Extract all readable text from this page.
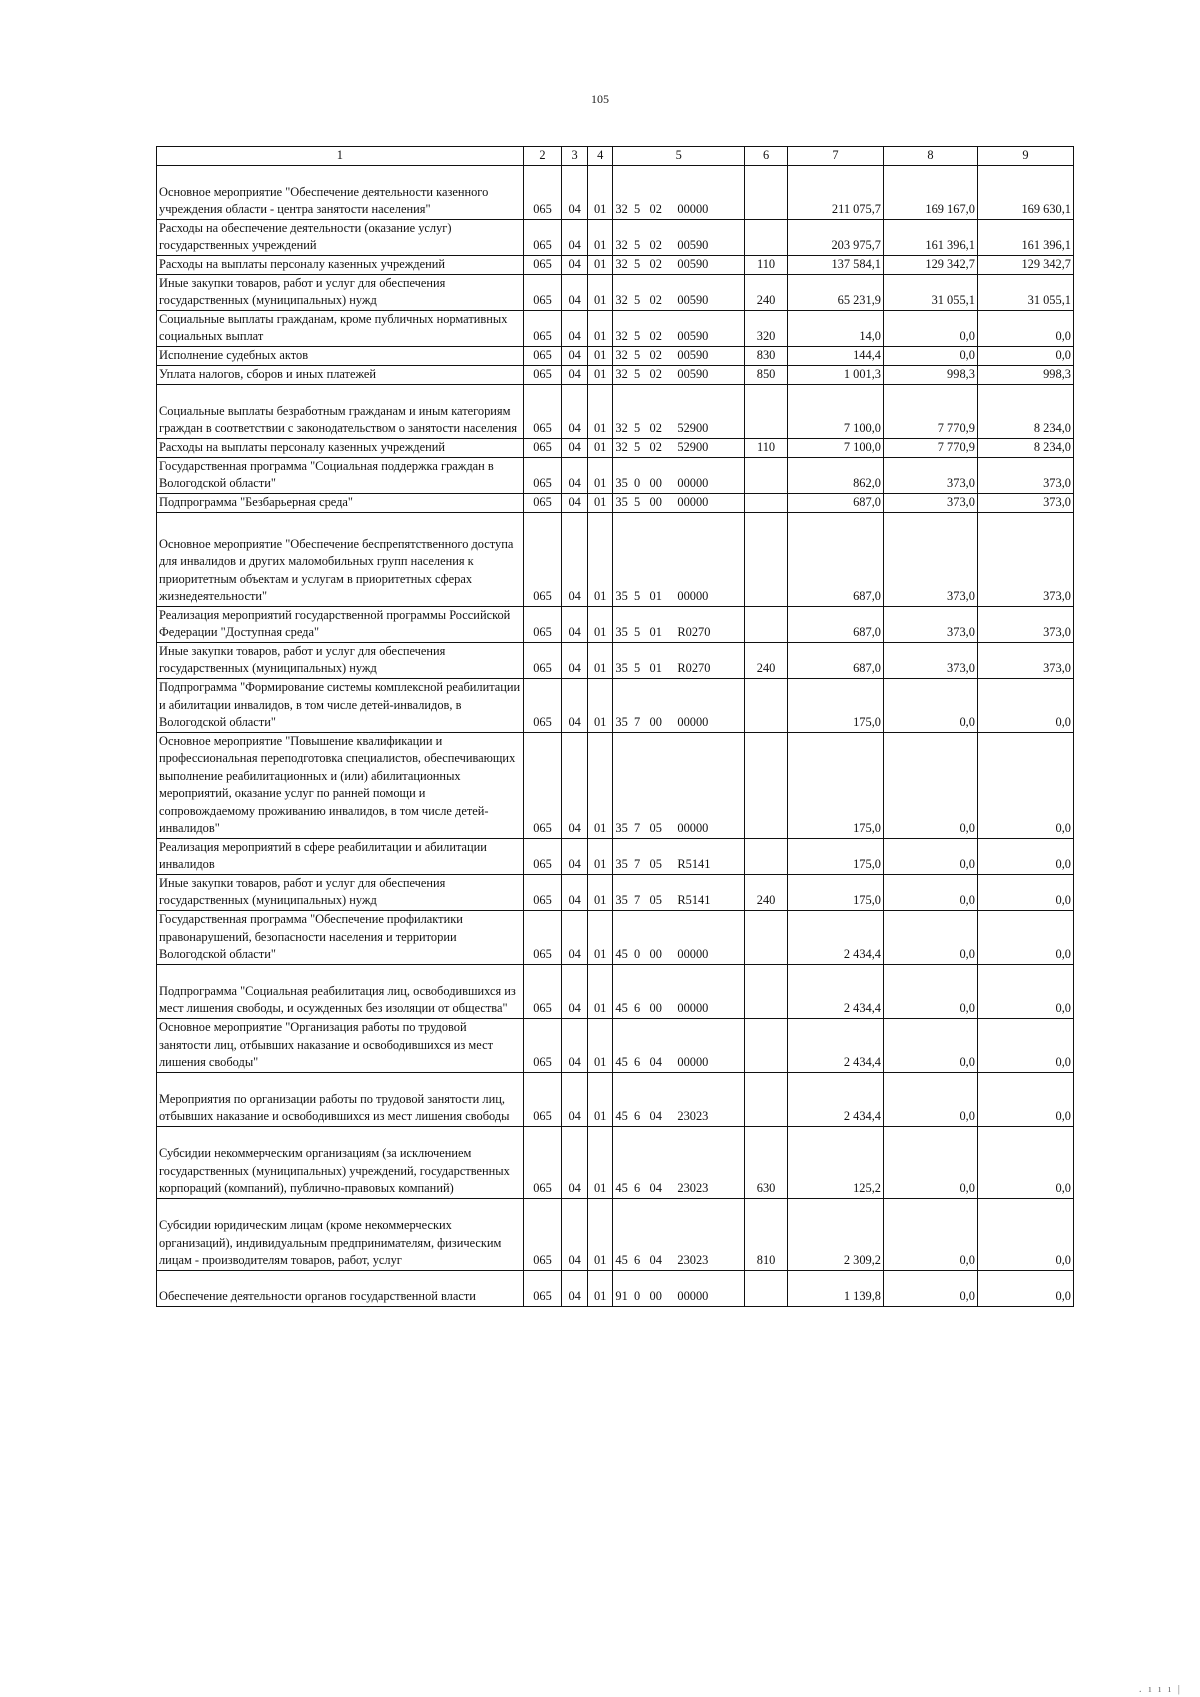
105
1	2	3	4	5	6	7	8	9
Основное мероприятие "Обеспечение деятельности казенного учреждения области - центра занятости населения"	065	04	01	32  5   02     00000		211 075,7	169 167,0	169 630,1
Расходы на обеспечение деятельности (оказание услуг) государственных учреждений	065	04	01	32  5   02     00590		203 975,7	161 396,1	161 396,1
Расходы на выплаты персоналу казенных учреждений	065	04	01	32  5   02     00590	110	137 584,1	129 342,7	129 342,7
Иные закупки товаров, работ и услуг для обеспечения государственных (муниципальных) нужд	065	04	01	32  5   02     00590	240	65 231,9	31 055,1	31 055,1
Социальные выплаты гражданам, кроме публичных нормативных социальных выплат	065	04	01	32  5   02     00590	320	14,0	0,0	0,0
Исполнение судебных актов	065	04	01	32  5   02     00590	830	144,4	0,0	0,0
Уплата налогов, сборов и иных платежей	065	04	01	32  5   02     00590	850	1 001,3	998,3	998,3
Социальные выплаты безработным гражданам и иным категориям граждан в соответствии с законодательством о занятости населения	065	04	01	32  5   02     52900		7 100,0	7 770,9	8 234,0
Расходы на выплаты персоналу казенных учреждений	065	04	01	32  5   02     52900	110	7 100,0	7 770,9	8 234,0
Государственная программа "Социальная поддержка граждан в Вологодской области"	065	04	01	35  0   00     00000		862,0	373,0	373,0
Подпрограмма "Безбарьерная среда"	065	04	01	35  5   00     00000		687,0	373,0	373,0
Основное мероприятие "Обеспечение беспрепятственного доступа для инвалидов и других маломобильных групп населения к приоритетным объектам и услугам в приоритетных сферах жизнедеятельности"	065	04	01	35  5   01     00000		687,0	373,0	373,0
Реализация мероприятий государственной программы Российской Федерации "Доступная среда"	065	04	01	35  5   01     R0270		687,0	373,0	373,0
Иные закупки товаров, работ и услуг для обеспечения государственных (муниципальных) нужд	065	04	01	35  5   01     R0270	240	687,0	373,0	373,0
Подпрограмма "Формирование системы комплексной реабилитации и абилитации инвалидов, в том числе детей-инвалидов, в Вологодской области"	065	04	01	35  7   00     00000		175,0	0,0	0,0
Основное мероприятие "Повышение квалификации и профессиональная переподготовка специалистов, обеспечивающих выполнение реабилитационных и (или) абилитационных мероприятий, оказание услуг по ранней помощи и сопровождаемому проживанию инвалидов, в том числе детей-инвалидов"	065	04	01	35  7   05     00000		175,0	0,0	0,0
Реализация мероприятий в сфере реабилитации и абилитации инвалидов	065	04	01	35  7   05     R5141		175,0	0,0	0,0
Иные закупки товаров, работ и услуг для обеспечения государственных (муниципальных) нужд	065	04	01	35  7   05     R5141	240	175,0	0,0	0,0
Государственная программа "Обеспечение профилактики правонарушений, безопасности населения и территории Вологодской области"	065	04	01	45  0   00     00000		2 434,4	0,0	0,0
Подпрограмма "Социальная реабилитация лиц, освободившихся из мест лишения свободы, и осужденных без изоляции от общества"	065	04	01	45  6   00     00000		2 434,4	0,0	0,0
Основное мероприятие "Организация работы по трудовой занятости лиц, отбывших наказание и освободившихся из мест лишения свободы"	065	04	01	45  6   04     00000		2 434,4	0,0	0,0
Мероприятия по организации работы по трудовой занятости лиц, отбывших наказание и освободившихся из мест лишения свободы	065	04	01	45  6   04     23023		2 434,4	0,0	0,0
Субсидии некоммерческим организациям (за исключением государственных (муниципальных) учреждений, государственных корпораций (компаний), публично-правовых компаний)	065	04	01	45  6   04     23023	630	125,2	0,0	0,0
Субсидии юридическим лицам (кроме некоммерческих организаций), индивидуальным предпринимателям, физическим лицам - производителям товаров, работ, услуг	065	04	01	45  6   04     23023	810	2 309,2	0,0	0,0
Обеспечение деятельности органов государственной власти	065	04	01	91  0   00     00000		1 139,8	0,0	0,0
. ı ı ı |
